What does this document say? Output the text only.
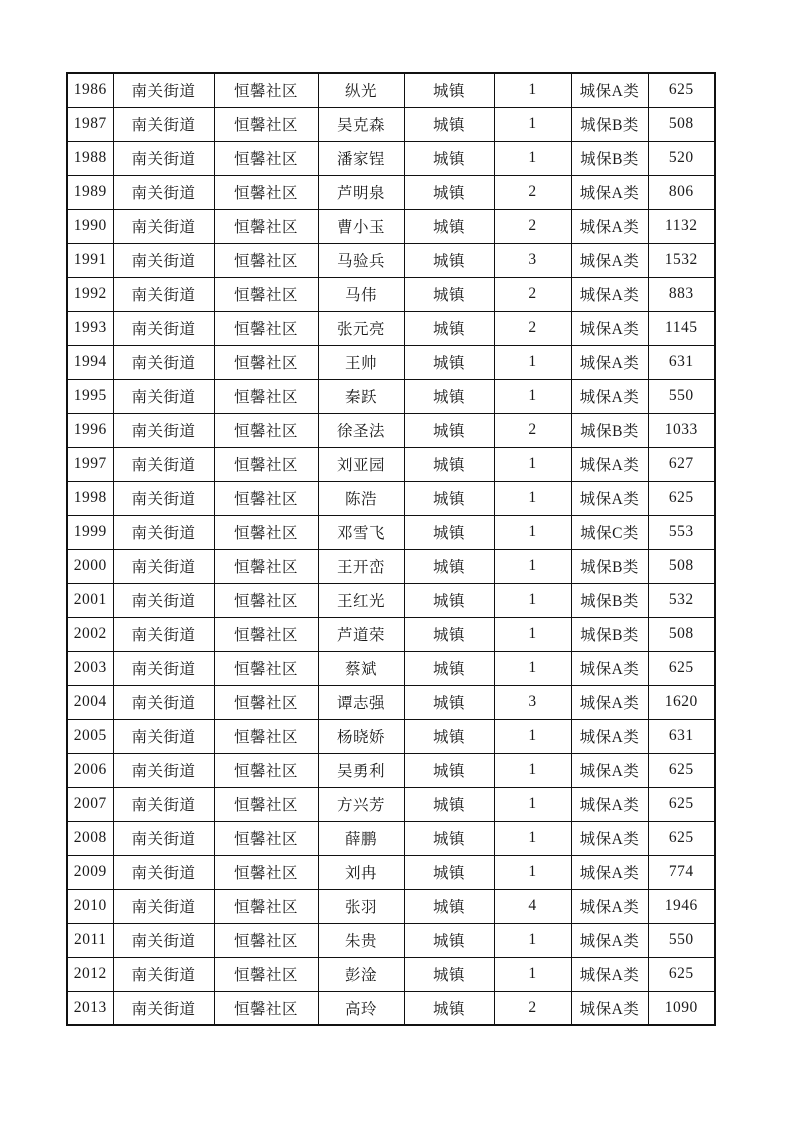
1986	南关街道	恒馨社区	纵光	城镇	1	城保A类	625
1987	南关街道	恒馨社区	吴克森	城镇	1	城保B类	508
1988	南关街道	恒馨社区	潘家锃	城镇	1	城保B类	520
1989	南关街道	恒馨社区	芦明泉	城镇	2	城保A类	806
1990	南关街道	恒馨社区	曹小玉	城镇	2	城保A类	1132
1991	南关街道	恒馨社区	马验兵	城镇	3	城保A类	1532
1992	南关街道	恒馨社区	马伟	城镇	2	城保A类	883
1993	南关街道	恒馨社区	张元亮	城镇	2	城保A类	1145
1994	南关街道	恒馨社区	王帅	城镇	1	城保A类	631
1995	南关街道	恒馨社区	秦跃	城镇	1	城保A类	550
1996	南关街道	恒馨社区	徐圣法	城镇	2	城保B类	1033
1997	南关街道	恒馨社区	刘亚园	城镇	1	城保A类	627
1998	南关街道	恒馨社区	陈浩	城镇	1	城保A类	625
1999	南关街道	恒馨社区	邓雪飞	城镇	1	城保C类	553
2000	南关街道	恒馨社区	王开峦	城镇	1	城保B类	508
2001	南关街道	恒馨社区	王红光	城镇	1	城保B类	532
2002	南关街道	恒馨社区	芦道荣	城镇	1	城保B类	508
2003	南关街道	恒馨社区	蔡斌	城镇	1	城保A类	625
2004	南关街道	恒馨社区	谭志强	城镇	3	城保A类	1620
2005	南关街道	恒馨社区	杨晓娇	城镇	1	城保A类	631
2006	南关街道	恒馨社区	吴勇利	城镇	1	城保A类	625
2007	南关街道	恒馨社区	方兴芳	城镇	1	城保A类	625
2008	南关街道	恒馨社区	薛鹏	城镇	1	城保A类	625
2009	南关街道	恒馨社区	刘冉	城镇	1	城保A类	774
2010	南关街道	恒馨社区	张羽	城镇	4	城保A类	1946
2011	南关街道	恒馨社区	朱贵	城镇	1	城保A类	550
2012	南关街道	恒馨社区	彭淦	城镇	1	城保A类	625
2013	南关街道	恒馨社区	高玲	城镇	2	城保A类	1090
